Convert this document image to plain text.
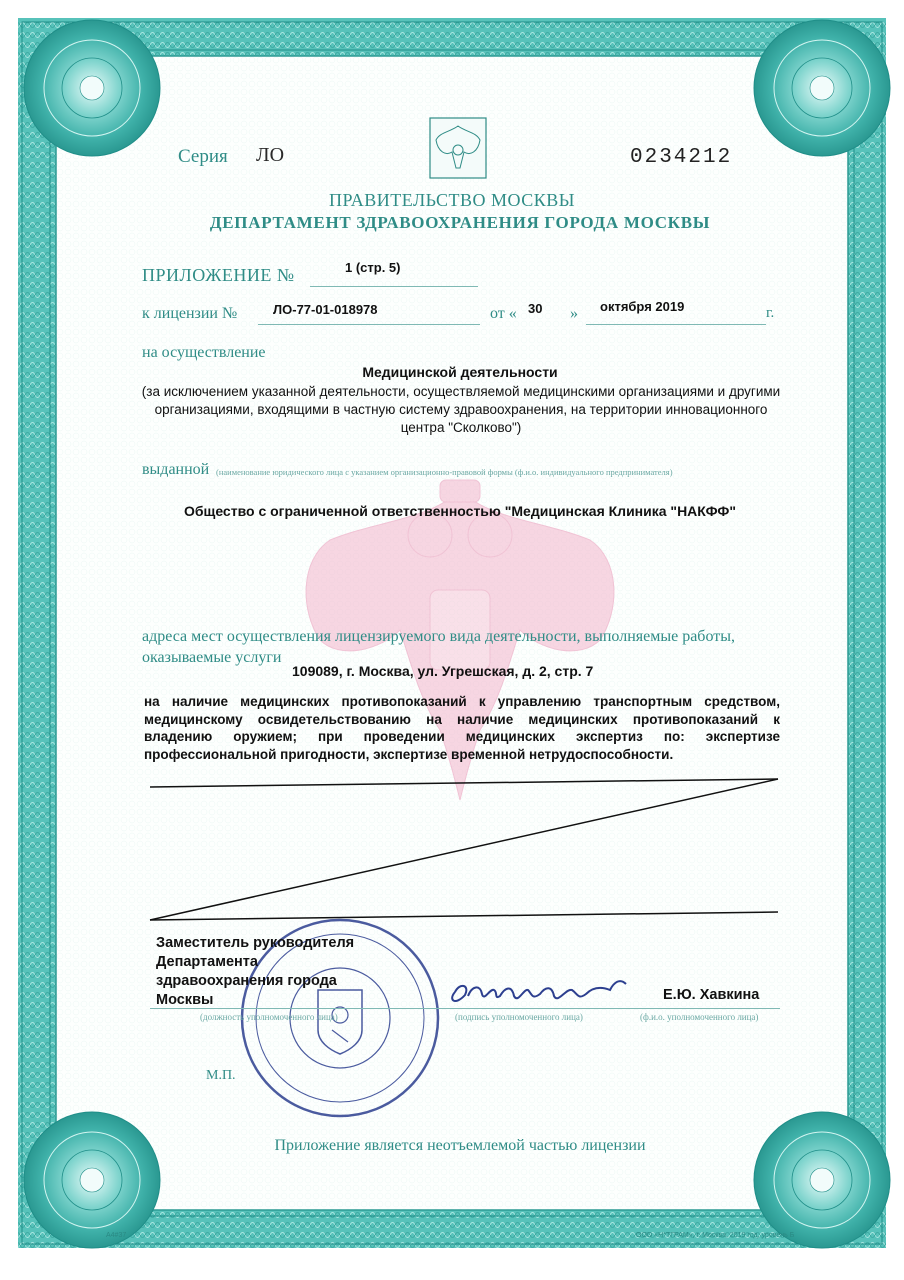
Серия ЛО	0234212

ПРАВИТЕЛЬСТВО МОСКВЫ

ДЕПАРТАМЕНТ ЗДРАВООХРАНЕНИЯ ГОРОДА МОСКВЫ

ПРИЛОЖЕНИЕ №	1 (стр. 5)

к лицензии №	ЛО-77-01-018978	от « 30 » октября 2019	г.

на осуществление

Медицинской деятельности

(за исключением указанной деятельности, осуществляемой медицинскими организациями и другими организациями, входящими в частную систему здравоохранения, на территории инновационного центра "Сколково")

выданной (наименование юридического лица с указанием организационно-правовой формы (ф.и.о. индивидуального предпринимателя)

Общество с ограниченной ответственностью "Медицинская Клиника "НАКФФ"

адреса мест осуществления лицензируемого вида деятельности, выполняемые работы,

оказываемые услуги

109089, г. Москва, ул. Угрешская, д. 2, стр. 7

на наличие медицинских противопоказаний к управлению транспортным средством, медицинскому освидетельствованию на наличие медицинских противопоказаний к владению оружием; при проведении медицинских экспертиз по: экспертизе профессиональной пригодности, экспертизе временной нетрудоспособности.

Заместитель руководителя

Департамента

здравоохранения города

Москвы	Е.Ю. Хавкина

(должность уполномоченного лица)	(подпись уполномоченного лица)	(ф.и.о. уполномоченного лица)

М.П.

Приложение является неотъемлемой частью лицензии

А4#37	ООО «Н*ТГРАМ», г. Москва, 2019 год, уровень Б
